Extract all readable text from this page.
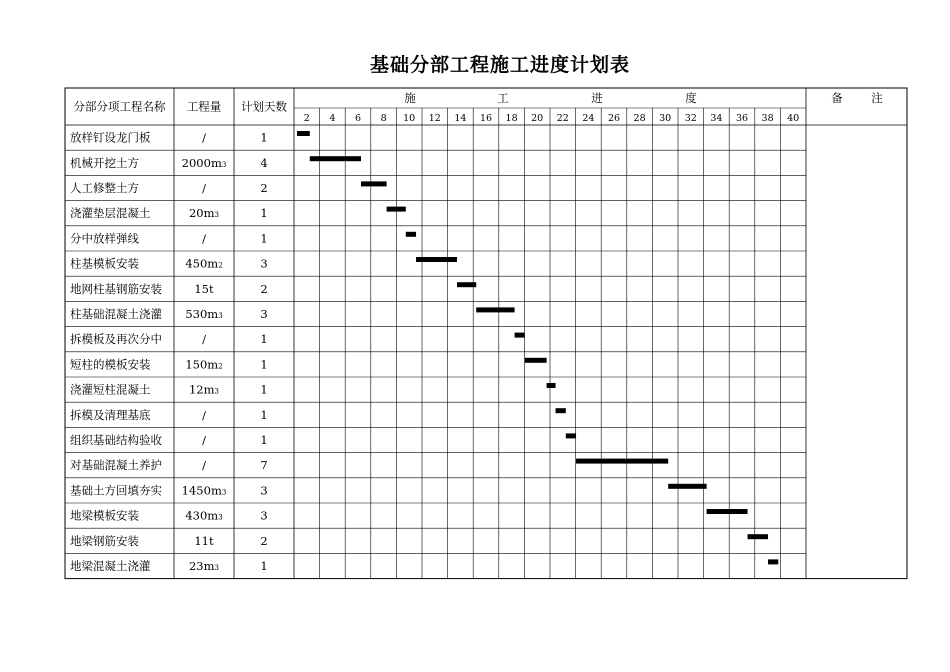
基础分部工程施工进度计划表
分部分项工程名称 工程量 计划天数
施	工	进	度	备 注
2 4 6 8 10 12 14 16 18 20 22 24 26 28 30 32 34 36 38 40
放样钉设龙门板	/	1
机械开挖土方	2000m3	4
人工修整土方	/	2
浇灌垫层混凝土	20m3	1
分中放样弹线	/	1
柱基模板安装	450m2	3
地网柱基钢筋安装	15t	2
柱基础混凝土浇灌 530m3	3
拆模板及再次分中	/	1
短柱的模板安装	150m2	1
浇灌短柱混凝土	12m3	1
拆模及清理基底	/	1
组织基础结构验收	/	1
对基础混凝土养护	/	7
基础土方回填夯实 1450m3	3
地梁模板安装	430m3	3
地梁钢筋安装	11t	2
地梁混凝土浇灌	23m3	1
